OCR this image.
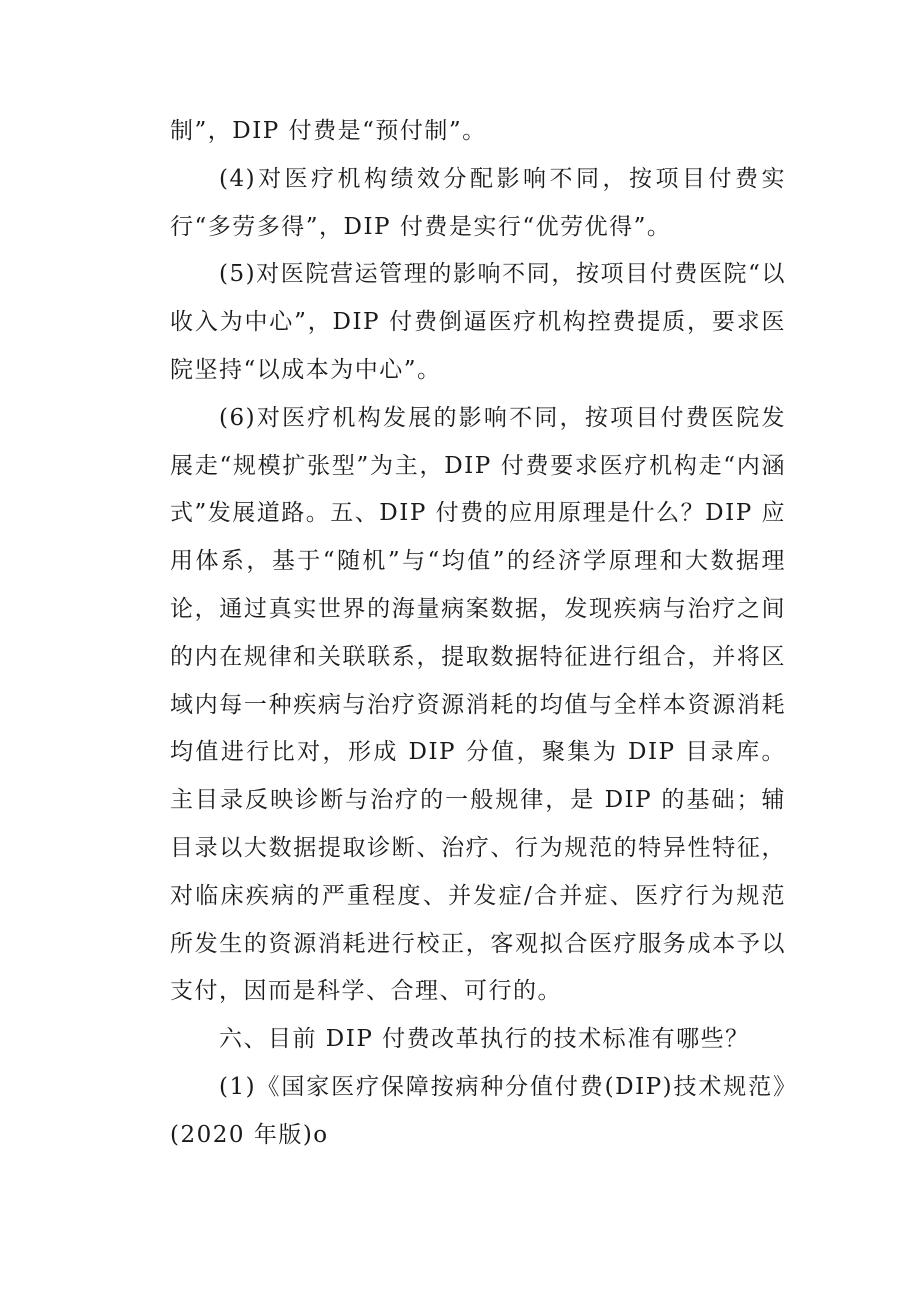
制”，DIP 付费是“预付制”。

(4)对医疗机构绩效分配影响不同，按项目付费实行“多劳多得”，DIP 付费是实行“优劳优得”。

(5)对医院营运管理的影响不同，按项目付费医院“以收入为中心”，DIP 付费倒逼医疗机构控费提质，要求医院坚持“以成本为中心”。

(6)对医疗机构发展的影响不同，按项目付费医院发展走“规模扩张型”为主，DIP 付费要求医疗机构走“内涵式”发展道路。五、DIP 付费的应用原理是什么？DIP 应用体系，基于“随机”与“均值”的经济学原理和大数据理论，通过真实世界的海量病案数据，发现疾病与治疗之间的内在规律和关联联系，提取数据特征进行组合，并将区域内每一种疾病与治疗资源消耗的均值与全样本资源消耗均值进行比对，形成 DIP 分值，聚集为 DIP 目录库。主目录反映诊断与治疗的一般规律，是 DIP 的基础；辅目录以大数据提取诊断、治疗、行为规范的特异性特征，对临床疾病的严重程度、并发症/合并症、医疗行为规范所发生的资源消耗进行校正，客观拟合医疗服务成本予以支付，因而是科学、合理、可行的。

六、目前 DIP 付费改革执行的技术标准有哪些？

(1)《国家医疗保障按病种分值付费(DIP)技术规范》(2020 年版)o
